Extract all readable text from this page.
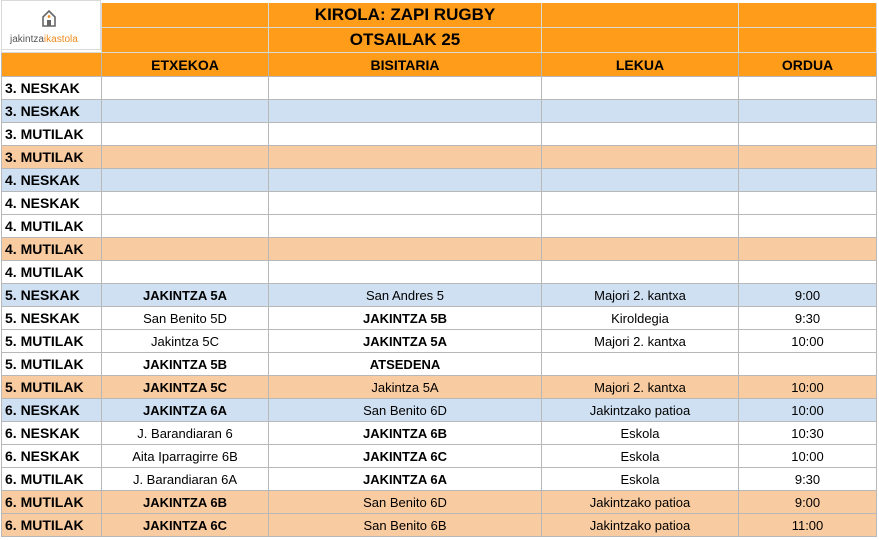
KIROLA: ZAPI RUGBY
OTSAILAK 25
ETXEKOA	BISITARIA	LEKUA	ORDUA
3. NESKAK
3. NESKAK
3. MUTILAK
3. MUTILAK
4. NESKAK
4. NESKAK
4. MUTILAK
4. MUTILAK
4. MUTILAK
5. NESKAK	JAKINTZA 5A	San Andres 5	Majori 2. kantxa	9:00
5. NESKAK	San Benito 5D	JAKINTZA 5B	Kiroldegia	9:30
5. MUTILAK	Jakintza 5C	JAKINTZA 5A	Majori 2. kantxa	10:00
5. MUTILAK	JAKINTZA 5B	ATSEDENA
5. MUTILAK	JAKINTZA 5C	Jakintza 5A	Majori 2. kantxa	10:00
6. NESKAK	JAKINTZA 6A	San Benito 6D	Jakintzako patioa	10:00
6. NESKAK	J. Barandiaran 6	JAKINTZA 6B	Eskola	10:30
6. NESKAK	Aita Iparragirre 6B	JAKINTZA 6C	Eskola	10:00
6. MUTILAK	J. Barandiaran 6A	JAKINTZA 6A	Eskola	9:30
6. MUTILAK	JAKINTZA 6B	San Benito 6D	Jakintzako patioa	9:00
6. MUTILAK	JAKINTZA 6C	San Benito 6B	Jakintzako patioa	11:00
jakintzaikastola
